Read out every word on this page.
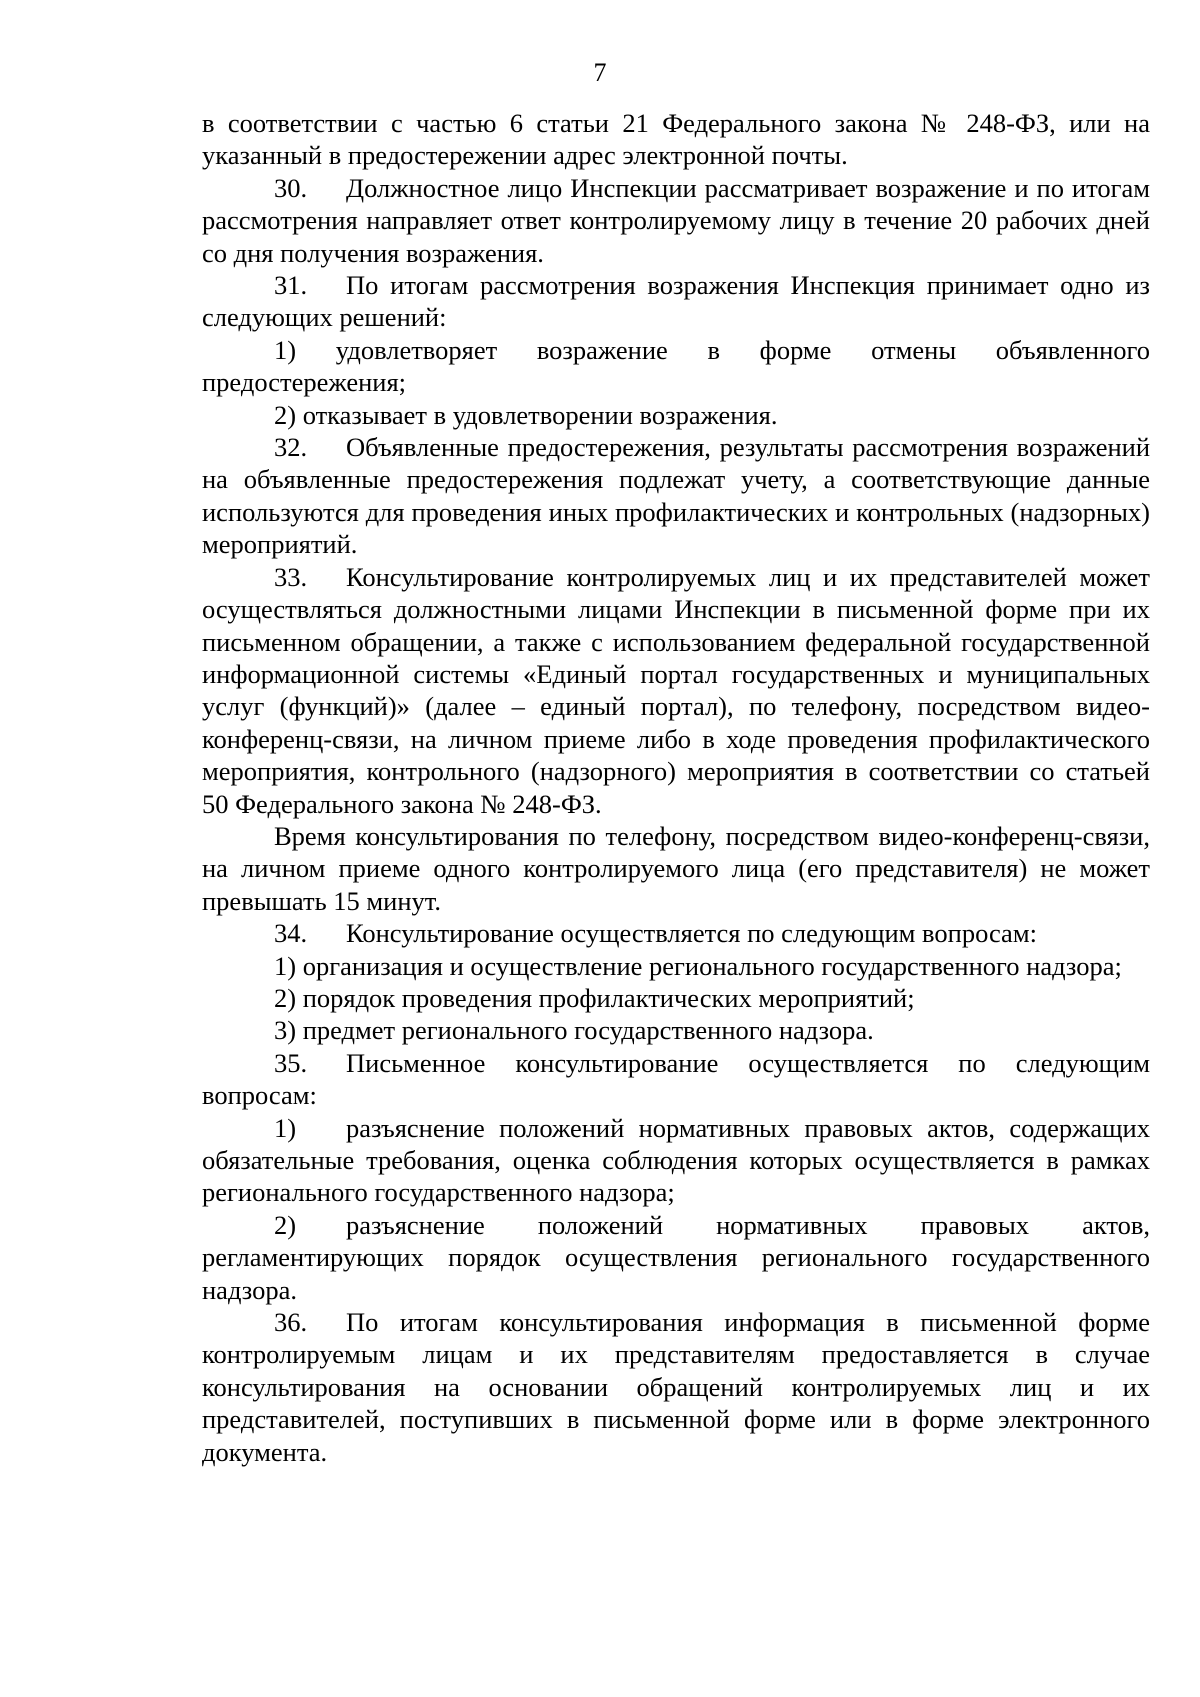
7

в соответствии с частью 6 статьи 21 Федерального закона № 248-ФЗ, или на указанный в предостережении адрес электронной почты.

30. Должностное лицо Инспекции рассматривает возражение и по итогам рассмотрения направляет ответ контролируемому лицу в течение 20 рабочих дней со дня получения возражения.

31. По итогам рассмотрения возражения Инспекция принимает одно из следующих решений:

1) удовлетворяет возражение в форме отмены объявленного предостережения;

2) отказывает в удовлетворении возражения.

32. Объявленные предостережения, результаты рассмотрения возражений на объявленные предостережения подлежат учету, а соответствующие данные используются для проведения иных профилактических и контрольных (надзорных) мероприятий.

33. Консультирование контролируемых лиц и их представителей может осуществляться должностными лицами Инспекции в письменной форме при их письменном обращении, а также с использованием федеральной государственной информационной системы «Единый портал государственных и муниципальных услуг (функций)» (далее – единый портал), по телефону, посредством видео-конференц-связи, на личном приеме либо в ходе проведения профилактического мероприятия, контрольного (надзорного) мероприятия в соответствии со статьей 50 Федерального закона № 248-ФЗ.

Время консультирования по телефону, посредством видео-конференц-связи, на личном приеме одного контролируемого лица (его представителя) не может превышать 15 минут.

34. Консультирование осуществляется по следующим вопросам:

1) организация и осуществление регионального государственного надзора;

2) порядок проведения профилактических мероприятий;

3) предмет регионального государственного надзора.

35. Письменное консультирование осуществляется по следующим вопросам:

1) разъяснение положений нормативных правовых актов, содержащих обязательные требования, оценка соблюдения которых осуществляется в рамках регионального государственного надзора;

2) разъяснение положений нормативных правовых актов, регламентирующих порядок осуществления регионального государственного надзора.

36. По итогам консультирования информация в письменной форме контролируемым лицам и их представителям предоставляется в случае консультирования на основании обращений контролируемых лиц и их представителей, поступивших в письменной форме или в форме электронного документа.
